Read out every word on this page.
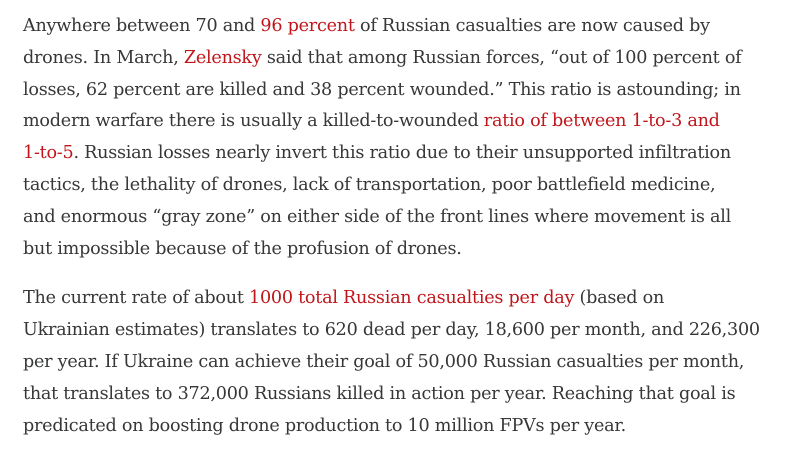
Anywhere between 70 and 96 percent of Russian casualties are now caused by
drones. In March, Zelensky said that among Russian forces, “out of 100 percent of
losses, 62 percent are killed and 38 percent wounded.” This ratio is astounding; in
modern warfare there is usually a killed-to-wounded ratio of between 1-to-3 and
1-to-5. Russian losses nearly invert this ratio due to their unsupported infiltration
tactics, the lethality of drones, lack of transportation, poor battlefield medicine,
and enormous “gray zone” on either side of the front lines where movement is all
but impossible because of the profusion of drones.

The current rate of about 1000 total Russian casualties per day (based on
Ukrainian estimates) translates to 620 dead per day, 18,600 per month, and 226,300
per year. If Ukraine can achieve their goal of 50,000 Russian casualties per month,
that translates to 372,000 Russians killed in action per year. Reaching that goal is
predicated on boosting drone production to 10 million FPVs per year.
